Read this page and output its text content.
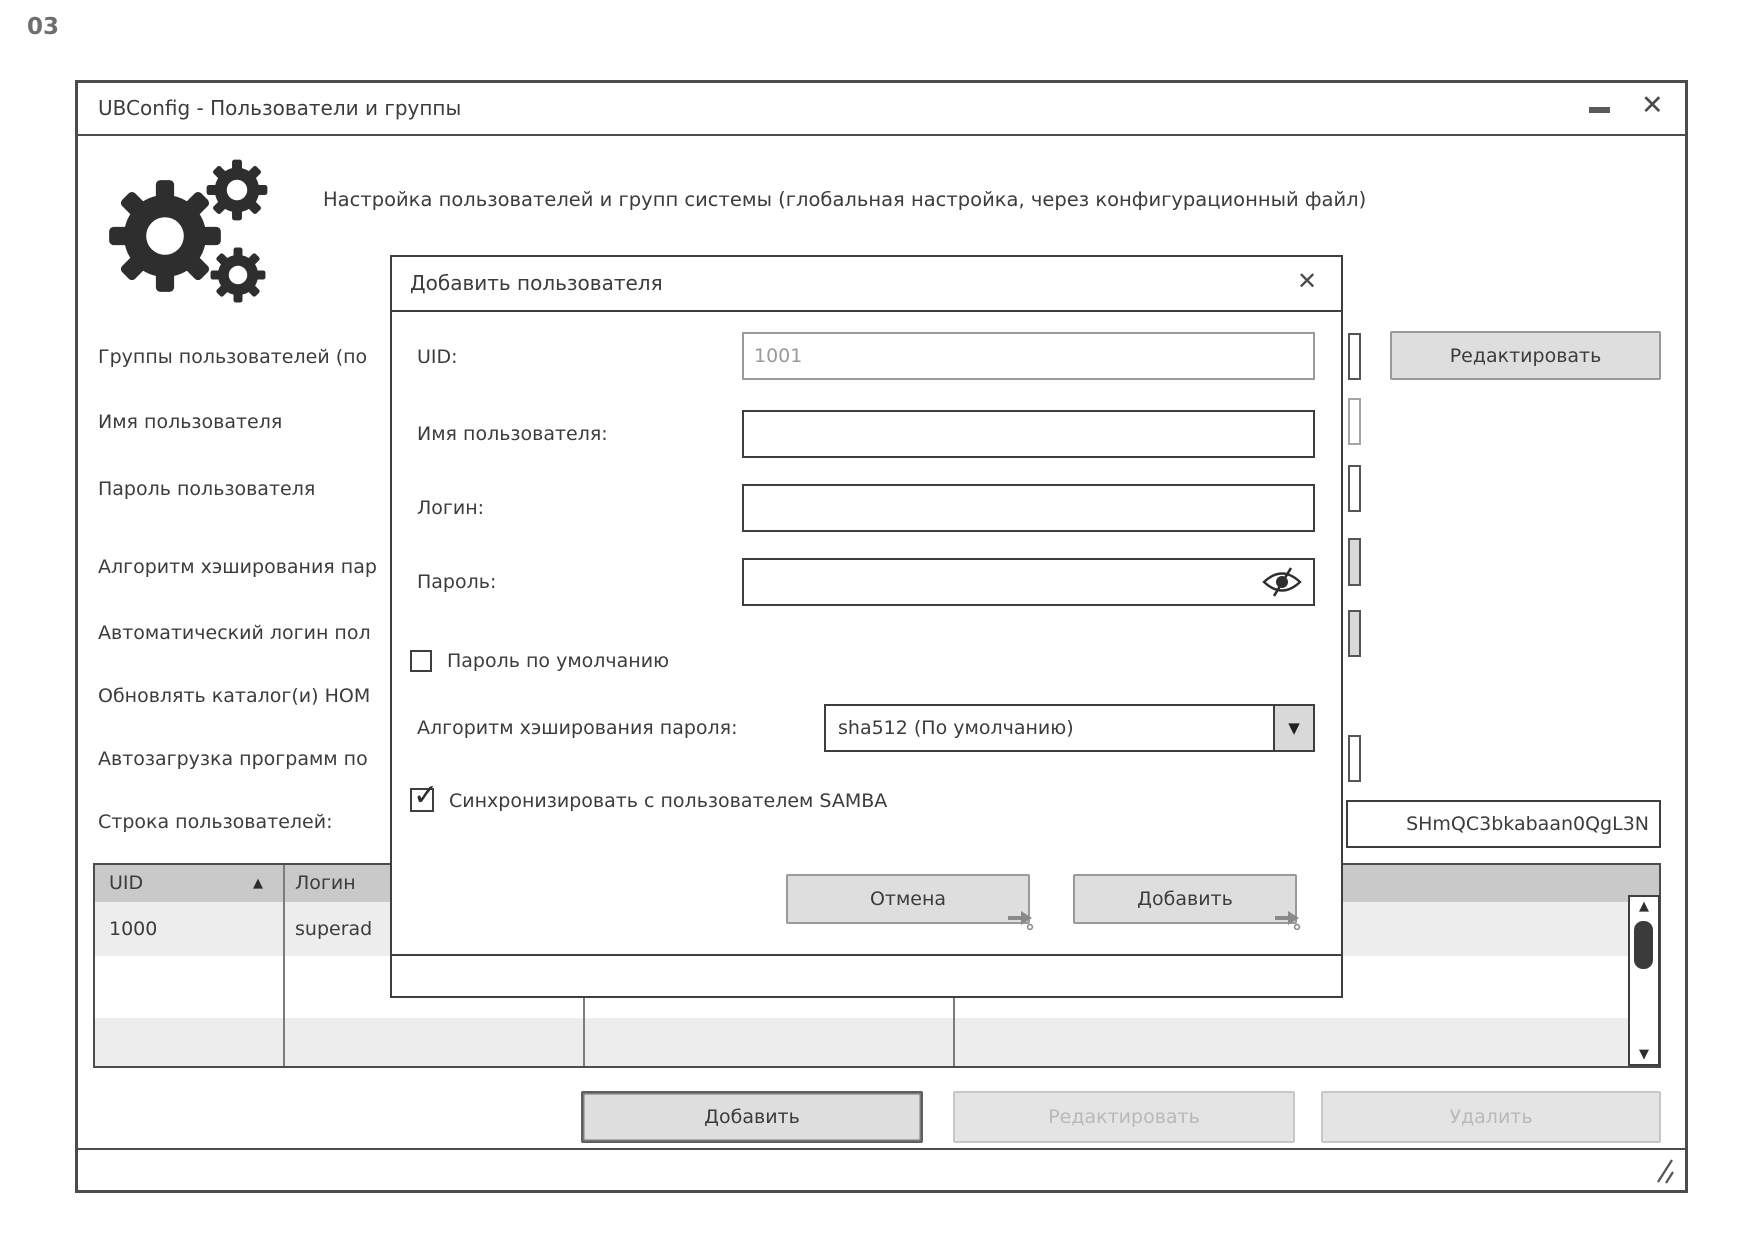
03
UBConfig - Пользователи и группы	✕
Настройка пользователей и групп системы (глобальная настройка, через конфигурационный файл)
Группы пользователей (по
Имя пользователя
Пароль пользователя
Алгоритм хэширования пар
Автоматический логин пол
Обновлять каталог(и) HOM
Автозагрузка программ по
Строка пользователей:
Редактировать
SHmQC3bkabaan0QgL3N
UID	▲ Логин
1000	superad
▲
▼
Добавить	Редактировать	Удалить
Добавить пользователя	✕
UID:
1001
Имя пользователя:
Логин:
Пароль:
Пароль по умолчанию
Алгоритм хэширования пароля:	sha512 (По умолчанию)	▼
✓ Синхронизировать с пользователем SAMBA
Отмена	Добавить
